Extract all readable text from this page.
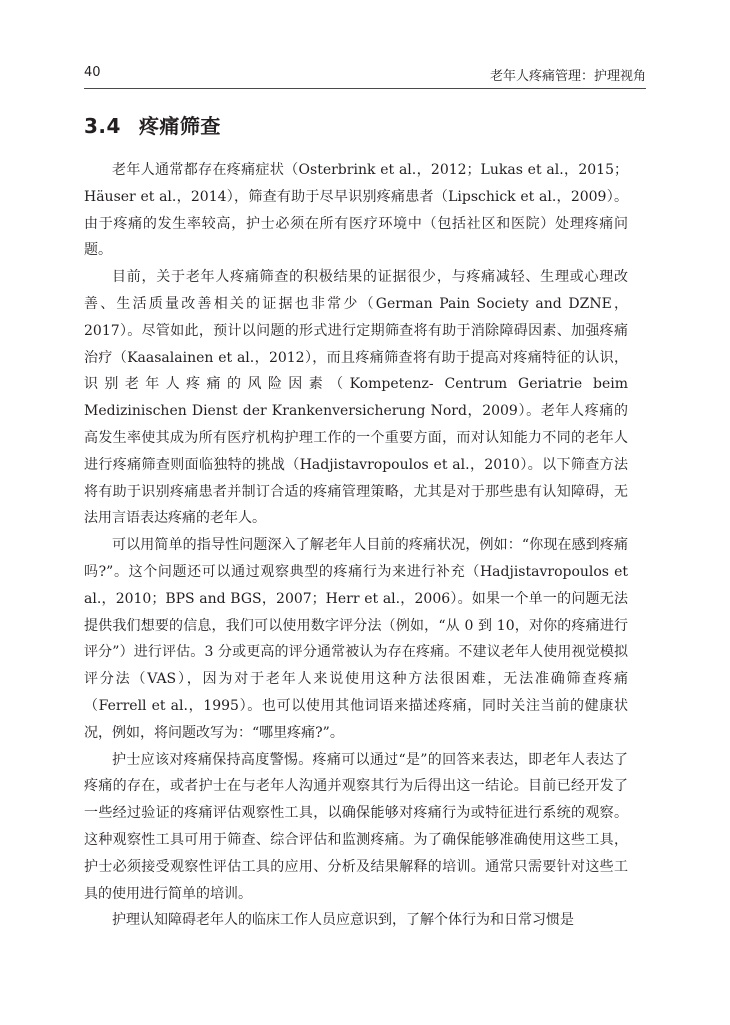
40	老年人疼痛管理：护理视角
3.4 疼痛筛查

老年人通常都存在疼痛症状（Osterbrink et al.，2012；Lukas et al.，2015；Häuser et al.，2014），筛查有助于尽早识别疼痛患者（Lipschick et al.，2009）。由于疼痛的发生率较高，护士必须在所有医疗环境中（包括社区和医院）处理疼痛问题。

目前，关于老年人疼痛筛查的积极结果的证据很少，与疼痛减轻、生理或心理改善、生活质量改善相关的证据也非常少（German Pain Society and DZNE，2017）。尽管如此，预计以问题的形式进行定期筛查将有助于消除障碍因素、加强疼痛治疗（Kaasalainen et al.，2012），而且疼痛筛查将有助于提高对疼痛特征的认识，识别老年人疼痛的风险因素（Kompetenz- Centrum Geriatrie beim Medizinischen Dienst der Krankenversicherung Nord，2009）。老年人疼痛的高发生率使其成为所有医疗机构护理工作的一个重要方面，而对认知能力不同的老年人进行疼痛筛查则面临独特的挑战（Hadjistavropoulos et al.，2010）。以下筛查方法将有助于识别疼痛患者并制订合适的疼痛管理策略，尤其是对于那些患有认知障碍，无法用言语表达疼痛的老年人。

可以用简单的指导性问题深入了解老年人目前的疼痛状况，例如：“你现在感到疼痛吗?”。这个问题还可以通过观察典型的疼痛行为来进行补充（Hadjistavropoulos et al.，2010；BPS and BGS，2007；Herr et al.，2006）。如果一个单一的问题无法提供我们想要的信息，我们可以使用数字评分法（例如，“从 0 到 10，对你的疼痛进行评分”）进行评估。3 分或更高的评分通常被认为存在疼痛。不建议老年人使用视觉模拟评分法（VAS），因为对于老年人来说使用这种方法很困难，无法准确筛查疼痛（Ferrell et al.，1995）。也可以使用其他词语来描述疼痛，同时关注当前的健康状况，例如，将问题改写为：“哪里疼痛?”。

护士应该对疼痛保持高度警惕。疼痛可以通过“是”的回答来表达，即老年人表达了疼痛的存在，或者护士在与老年人沟通并观察其行为后得出这一结论。目前已经开发了一些经过验证的疼痛评估观察性工具，以确保能够对疼痛行为或特征进行系统的观察。这种观察性工具可用于筛查、综合评估和监测疼痛。为了确保能够准确使用这些工具，护士必须接受观察性评估工具的应用、分析及结果解释的培训。通常只需要针对这些工具的使用进行简单的培训。

护理认知障碍老年人的临床工作人员应意识到，了解个体行为和日常习惯是
